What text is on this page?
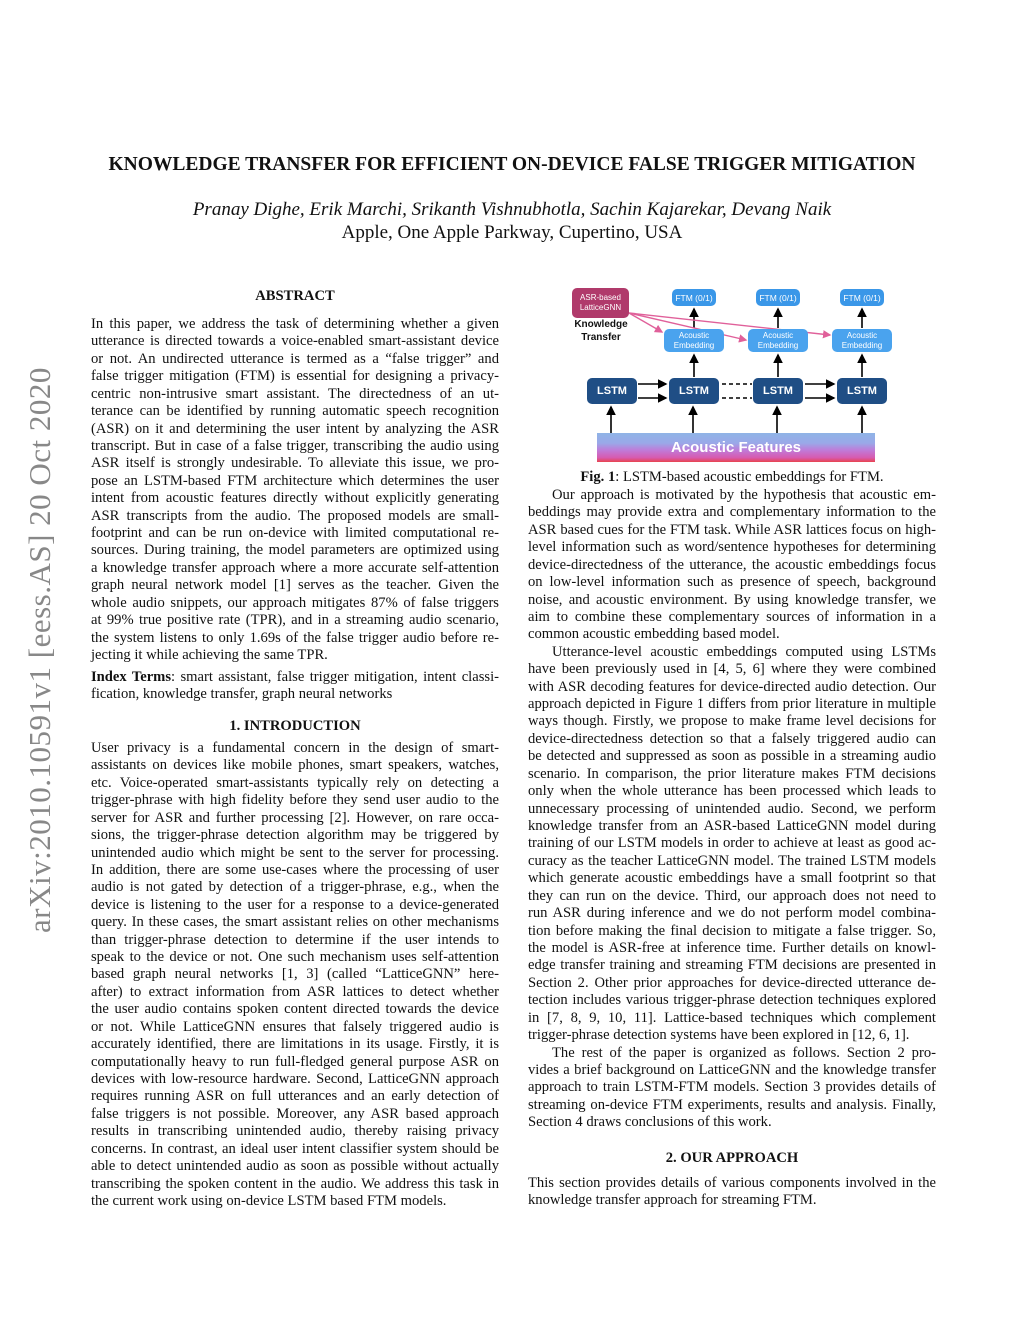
arXiv:2010.10591v1 [eess.AS] 20 Oct 2020
KNOWLEDGE TRANSFER FOR EFFICIENT ON-DEVICE FALSE TRIGGER MITIGATION
Pranay Dighe, Erik Marchi, Srikanth Vishnubhotla, Sachin Kajarekar, Devang Naik
Apple, One Apple Parkway, Cupertino, USA
ABSTRACT
In this paper, we address the task of determining whether a given
utterance is directed towards a voice-enabled smart-assistant device
or not. An undirected utterance is termed as a “false trigger” and
false trigger mitigation (FTM) is essential for designing a privacy-
centric non-intrusive smart assistant. The directedness of an ut-
terance can be identified by running automatic speech recognition
(ASR) on it and determining the user intent by analyzing the ASR
transcript. But in case of a false trigger, transcribing the audio using
ASR itself is strongly undesirable. To alleviate this issue, we pro-
pose an LSTM-based FTM architecture which determines the user
intent from acoustic features directly without explicitly generating
ASR transcripts from the audio. The proposed models are small-
footprint and can be run on-device with limited computational re-
sources. During training, the model parameters are optimized using
a knowledge transfer approach where a more accurate self-attention
graph neural network model [1] serves as the teacher. Given the
whole audio snippets, our approach mitigates 87% of false triggers
at 99% true positive rate (TPR), and in a streaming audio scenario,
the system listens to only 1.69s of the false trigger audio before re-
jecting it while achieving the same TPR.
Index Terms: smart assistant, false trigger mitigation, intent classi-
fication, knowledge transfer, graph neural networks
1. INTRODUCTION
User privacy is a fundamental concern in the design of smart-
assistants on devices like mobile phones, smart speakers, watches,
etc. Voice-operated smart-assistants typically rely on detecting a
trigger-phrase with high fidelity before they send user audio to the
server for ASR and further processing [2]. However, on rare occa-
sions, the trigger-phrase detection algorithm may be triggered by
unintended audio which might be sent to the server for processing.
In addition, there are some use-cases where the processing of user
audio is not gated by detection of a trigger-phrase, e.g., when the
device is listening to the user for a response to a device-generated
query. In these cases, the smart assistant relies on other mechanisms
than trigger-phrase detection to determine if the user intends to
speak to the device or not. One such mechanism uses self-attention
based graph neural networks [1, 3] (called “LatticeGNN” here-
after) to extract information from ASR lattices to detect whether
the user audio contains spoken content directed towards the device
or not. While LatticeGNN ensures that falsely triggered audio is
accurately identified, there are limitations in its usage. Firstly, it is
computationally heavy to run full-fledged general purpose ASR on
devices with low-resource hardware. Second, LatticeGNN approach
requires running ASR on full utterances and an early detection of
false triggers is not possible. Moreover, any ASR based approach
results in transcribing unintended audio, thereby raising privacy
concerns. In contrast, an ideal user intent classifier system should be
able to detect unintended audio as soon as possible without actually
transcribing the spoken content in the audio. We address this task in
the current work using on-device LSTM based FTM models.
ASR-based
LatticeGNN
Knowledge
Transfer
FTM (0/1)	FTM (0/1)	FTM (0/1)
Acoustic
Embedding
Acoustic
Embedding
Acoustic
Embedding
LSTM	LSTM	LSTM	LSTM
Acoustic Features
Fig. 1: LSTM-based acoustic embeddings for FTM.
Our approach is motivated by the hypothesis that acoustic em-
beddings may provide extra and complementary information to the
ASR based cues for the FTM task. While ASR lattices focus on high-
level information such as word/sentence hypotheses for determining
device-directedness of the utterance, the acoustic embeddings focus
on low-level information such as presence of speech, background
noise, and acoustic environment. By using knowledge transfer, we
aim to combine these complementary sources of information in a
common acoustic embedding based model.
Utterance-level acoustic embeddings computed using LSTMs
have been previously used in [4, 5, 6] where they were combined
with ASR decoding features for device-directed audio detection. Our
approach depicted in Figure 1 differs from prior literature in multiple
ways though. Firstly, we propose to make frame level decisions for
device-directedness detection so that a falsely triggered audio can
be detected and suppressed as soon as possible in a streaming audio
scenario. In comparison, the prior literature makes FTM decisions
only when the whole utterance has been processed which leads to
unnecessary processing of unintended audio. Second, we perform
knowledge transfer from an ASR-based LatticeGNN model during
training of our LSTM models in order to achieve at least as good ac-
curacy as the teacher LatticeGNN model. The trained LSTM models
which generate acoustic embeddings have a small footprint so that
they can run on the device. Third, our approach does not need to
run ASR during inference and we do not perform model combina-
tion before making the final decision to mitigate a false trigger. So,
the model is ASR-free at inference time. Further details on knowl-
edge transfer training and streaming FTM decisions are presented in
Section 2. Other prior approaches for device-directed utterance de-
tection includes various trigger-phrase detection techniques explored
in [7, 8, 9, 10, 11]. Lattice-based techniques which complement
trigger-phrase detection systems have been explored in [12, 6, 1].
The rest of the paper is organized as follows. Section 2 pro-
vides a brief background on LatticeGNN and the knowledge transfer
approach to train LSTM-FTM models. Section 3 provides details of
streaming on-device FTM experiments, results and analysis. Finally,
Section 4 draws conclusions of this work.
2. OUR APPROACH
This section provides details of various components involved in the
knowledge transfer approach for streaming FTM.
